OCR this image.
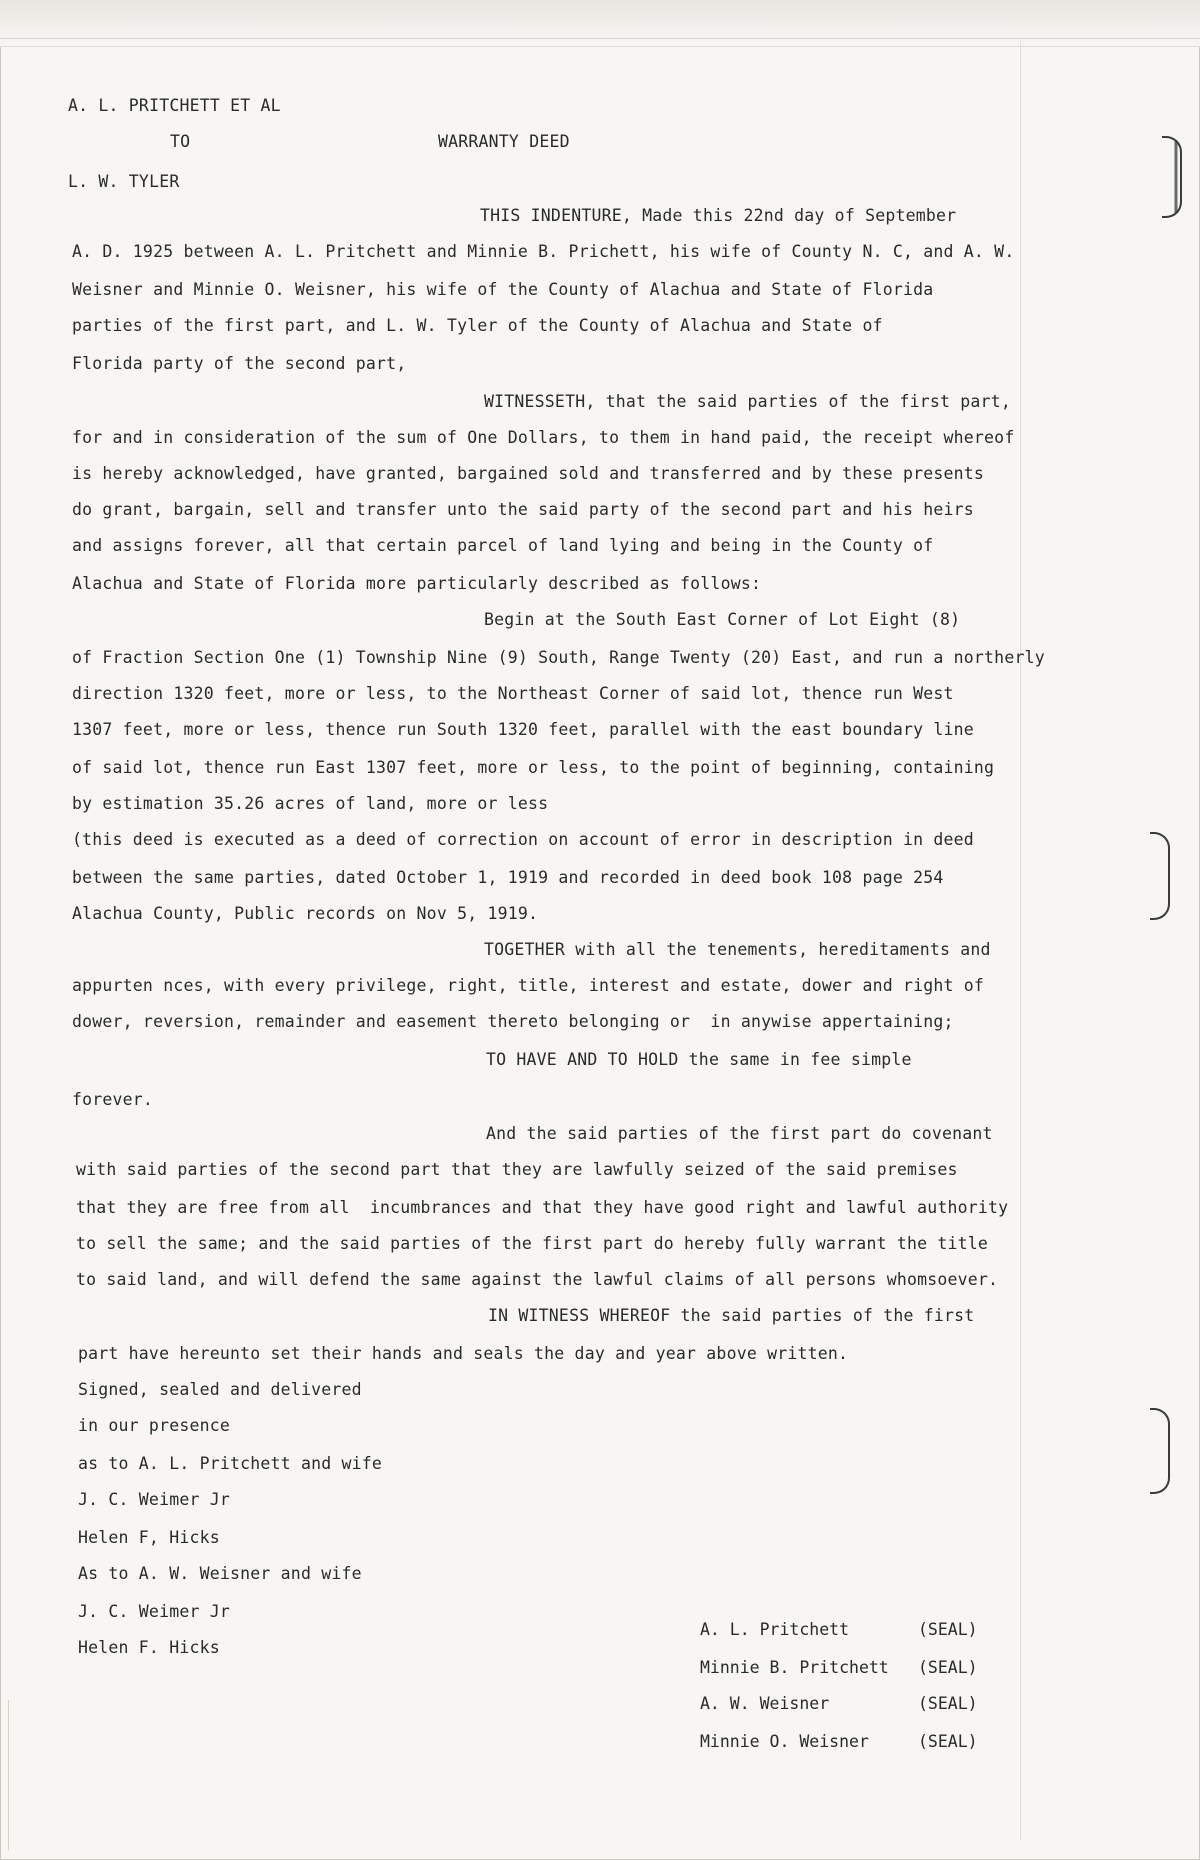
A. L. PRITCHETT ET AL
TO	WARRANTY DEED
L. W. TYLER
THIS INDENTURE, Made this 22nd day of September
A. D. 1925 between A. L. Pritchett and Minnie B. Prichett, his wife of County N. C, and A. W.
Weisner and Minnie O. Weisner, his wife of the County of Alachua and State of Florida
parties of the first part, and L. W. Tyler of the County of Alachua and State of
Florida party of the second part,
WITNESSETH, that the said parties of the first part,
for and in consideration of the sum of One Dollars, to them in hand paid, the receipt whereof
is hereby acknowledged, have granted, bargained sold and transferred and by these presents
do grant, bargain, sell and transfer unto the said party of the second part and his heirs
and assigns forever, all that certain parcel of land lying and being in the County of
Alachua and State of Florida more particularly described as follows:
Begin at the South East Corner of Lot Eight (8)
of Fraction Section One (1) Township Nine (9) South, Range Twenty (20) East, and run a northerly
direction 1320 feet, more or less, to the Northeast Corner of said lot, thence run West
1307 feet, more or less, thence run South 1320 feet, parallel with the east boundary line
of said lot, thence run East 1307 feet, more or less, to the point of beginning, containing
by estimation 35.26 acres of land, more or less
(this deed is executed as a deed of correction on account of error in description in deed
between the same parties, dated October 1, 1919 and recorded in deed book 108 page 254
Alachua County, Public records on Nov 5, 1919.
TOGETHER with all the tenements, hereditaments and
appurten nces, with every privilege, right, title, interest and estate, dower and right of
dower, reversion, remainder and easement thereto belonging or  in anywise appertaining;
TO HAVE AND TO HOLD the same in fee simple
forever.
And the said parties of the first part do covenant
with said parties of the second part that they are lawfully seized of the said premises
that they are free from all  incumbrances and that they have good right and lawful authority
to sell the same; and the said parties of the first part do hereby fully warrant the title
to said land, and will defend the same against the lawful claims of all persons whomsoever.
IN WITNESS WHEREOF the said parties of the first
part have hereunto set their hands and seals the day and year above written.
Signed, sealed and delivered
in our presence
as to A. L. Pritchett and wife
J. C. Weimer Jr
Helen F, Hicks
As to A. W. Weisner and wife
J. C. Weimer Jr
Helen F. Hicks
A. L. Pritchett	(SEAL)
Minnie B. Pritchett (SEAL)
A. W. Weisner	(SEAL)
Minnie O. Weisner	(SEAL)
